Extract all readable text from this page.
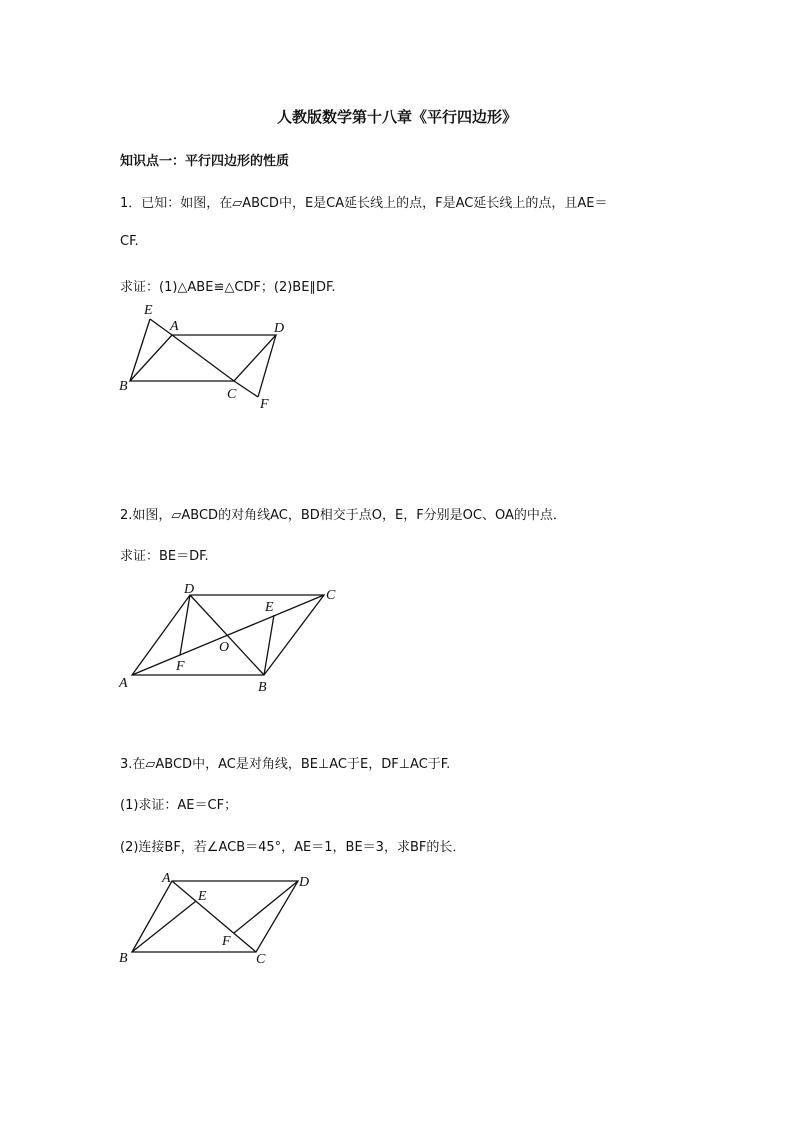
人教版数学第十八章《平行四边形》
知识点一：平行四边形的性质
1．已知：如图，在▱ABCD中，E是CA延长线上的点，F是AC延长线上的点，且AE＝
CF.
求证：(1)△ABE≌△CDF；(2)BE∥DF.
E
A	D
B
C
F
2.如图，▱ABCD的对角线AC，BD相交于点O，E，F分别是OC、OA的中点．
求证：BE＝DF.
D	C
E
O
F
A	B
3.在▱ABCD中，AC是对角线，BE⊥AC于E，DF⊥AC于F.
(1)求证：AE＝CF；
(2)连接BF，若∠ACB＝45°，AE＝1，BE＝3，求BF的长．
A
E
D
F
B	C
